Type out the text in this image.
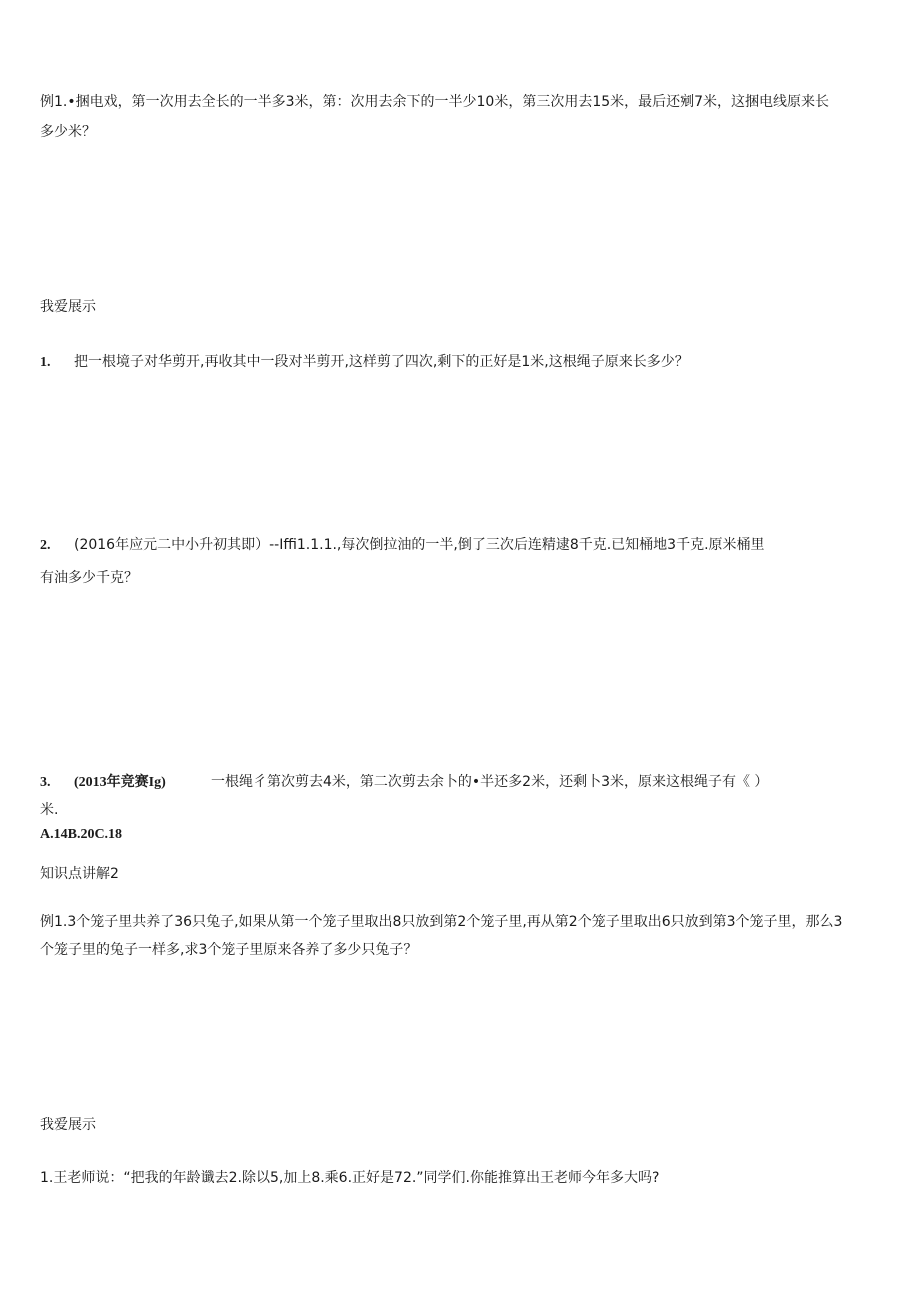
例1.•捆电戏，第一次用去全长的一半多3米，第：次用去余下的一半少10米，第三次用去15米，最后还剜7米，这捆电线原来长
多少米？
我爱展示
1. 把一根境子对华剪开,再收其中一段对半剪开,这样剪了四次,剩下的正好是1米,这根绳子原来长多少？
2. (2016年应元二中小升初其即）--Iffi1.1.1.,每次倒拉油的一半,倒了三次后连精逮8千克.已知桶地3千克.原米桶里
有油多少千克？
3. (2013年竞赛Ig)	一根绳彳第次剪去4米，第二次剪去余卜的•半还多2米，还剩卜3米，原来这根绳子有《 ）
米.
A.14B.20C.18
知识点讲解2
例1.3个笼子里共养了36只兔子,如果从第一个笼子里取出8只放到第2个笼子里,再从第2个笼子里取出6只放到第3个笼子里，那么3
个笼子里的兔子一样多,求3个笼子里原来各养了多少只兔子？
我爱展示
1.王老师说：“把我的年龄谶去2.除以5,加上8.乘6.正好是72.”同学们.你能推算出王老师今年多大吗?
